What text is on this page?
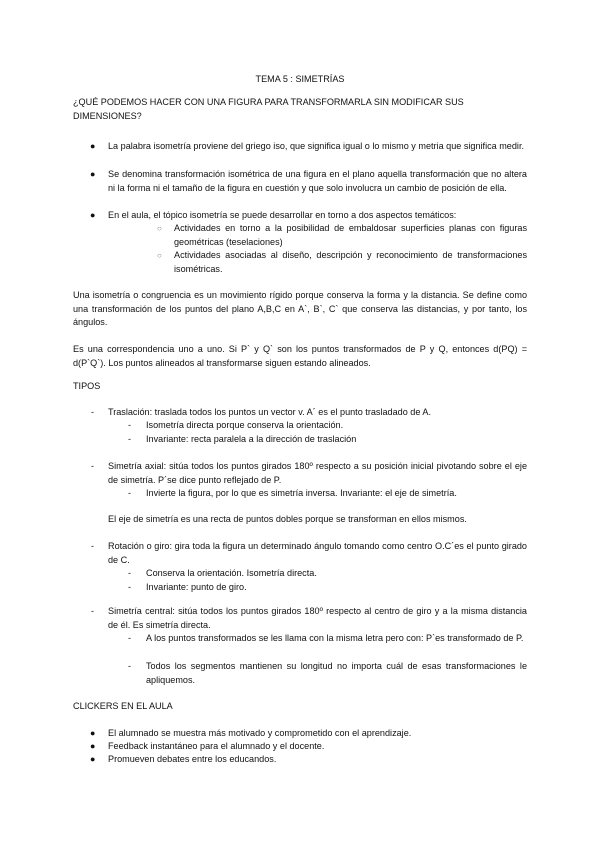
TEMA 5 : SIMETRÍAS
¿QUÉ PODEMOS HACER CON UNA FIGURA PARA TRANSFORMARLA SIN MODIFICAR SUS DIMENSIONES?
● La palabra isometría proviene del griego iso, que significa igual o lo mismo y metria que significa medir.
● Se denomina transformación isométrica de una figura en el plano aquella transformación que no altera ni la forma ni el tamaño de la figura en cuestión y que solo involucra un cambio de posición de ella.
● En el aula, el tópico isometría se puede desarrollar en torno a dos aspectos temáticos:
○ Actividades en torno a la posibilidad de embaldosar superficies planas con figuras geométricas (teselaciones)
○ Actividades asociadas al diseño, descripción y reconocimiento de transformaciones isométricas.
Una isometría o congruencia es un movimiento rígido porque conserva la forma y la distancia. Se define como una transformación de los puntos del plano A,B,C en A`, B`, C` que conserva las distancias, y por tanto, los ángulos.
Es una correspondencia uno a uno. Si P` y Q` son los puntos transformados de P y Q, entonces d(PQ) = d(P`Q`). Los puntos alineados al transformarse siguen estando alineados.
TIPOS
- Traslación: traslada todos los puntos un vector v. A´ es el punto trasladado de A.
- Isometría directa porque conserva la orientación.
- Invariante: recta paralela a la dirección de traslación
- Simetría axial: sitúa todos los puntos girados 180º respecto a su posición inicial pivotando sobre el eje de simetría. P´se dice punto reflejado de P.
- Invierte la figura, por lo que es simetría inversa. Invariante: el eje de simetría.
El eje de simetría es una recta de puntos dobles porque se transforman en ellos mismos.
- Rotación o giro: gira toda la figura un determinado ángulo tomando como centro O.C´es el punto girado de C.
- Conserva la orientación. Isometría directa.
- Invariante: punto de giro.
- Simetría central: sitúa todos los puntos girados 180º respecto al centro de giro y a la misma distancia de él. Es simetría directa.
- A los puntos transformados se les llama con la misma letra pero con: P`es transformado de P.
- Todos los segmentos mantienen su longitud no importa cuál de esas transformaciones le apliquemos.
CLICKERS EN EL AULA
● El alumnado se muestra más motivado y comprometido con el aprendizaje.
● Feedback instantáneo para el alumnado y el docente.
● Promueven debates entre los educandos.
